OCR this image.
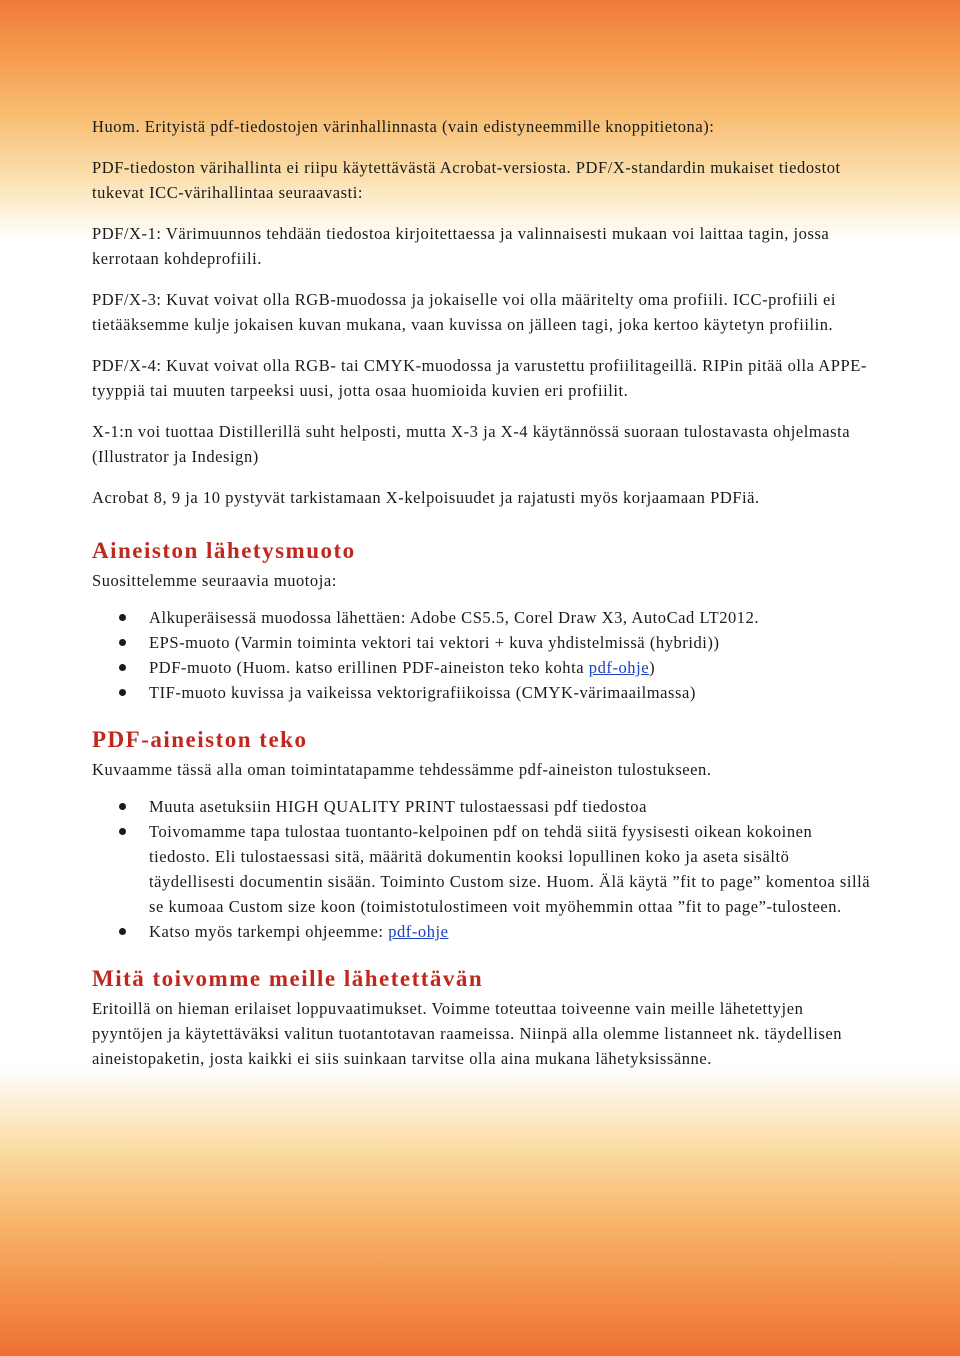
Huom. Erityistä pdf-tiedostojen värinhallinnasta (vain edistyneemmille knoppitietona):

PDF-tiedoston värihallinta ei riipu käytettävästä Acrobat-versiosta. PDF/X-standardin mukaiset tiedostot tukevat ICC-värihallintaa seuraavasti:

PDF/X-1: Värimuunnos tehdään tiedostoa kirjoitettaessa ja valinnaisesti mukaan voi laittaa tagin, jossa kerrotaan kohdeprofiili.

PDF/X-3: Kuvat voivat olla RGB-muodossa ja jokaiselle voi olla määritelty oma profiili. ICC-profiili ei tietääksemme kulje jokaisen kuvan mukana, vaan kuvissa on jälleen tagi, joka kertoo käytetyn profiilin.

PDF/X-4: Kuvat voivat olla RGB- tai CMYK-muodossa ja varustettu profiilitageillä. RIPin pitää olla APPE-tyyppiä tai muuten tarpeeksi uusi, jotta osaa huomioida kuvien eri profiilit.

X-1:n voi tuottaa Distillerillä suht helposti, mutta X-3 ja X-4 käytännössä suoraan tulostavasta ohjelmasta (Illustrator ja Indesign)

Acrobat 8, 9 ja 10 pystyvät tarkistamaan X-kelpoisuudet ja rajatusti myös korjaamaan PDFiä.

Aineiston lähetysmuoto
Suosittelemme seuraavia muotoja:
Alkuperäisessä muodossa lähettäen: Adobe CS5.5, Corel Draw X3, AutoCad LT2012.
EPS-muoto (Varmin toiminta vektori tai vektori + kuva yhdistelmissä (hybridi))
PDF-muoto (Huom. katso erillinen PDF-aineiston teko kohta pdf-ohje)
TIF-muoto kuvissa ja vaikeissa vektorigrafiikoissa (CMYK-värimaailmassa)
PDF-aineiston teko
Kuvaamme tässä alla oman toimintatapamme tehdessämme pdf-aineiston tulostukseen.
Muuta asetuksiin HIGH QUALITY PRINT tulostaessasi pdf tiedostoa
Toivomamme tapa tulostaa tuontanto-kelpoinen pdf on tehdä siitä fyysisesti oikean kokoinen tiedosto. Eli tulostaessasi sitä, määritä dokumentin kooksi lopullinen koko ja aseta sisältö täydellisesti documentin sisään. Toiminto Custom size. Huom. Älä käytä ”fit to page” komentoa sillä se kumoaa Custom size koon (toimistotulostimeen voit myöhemmin ottaa ”fit to page”-tulosteen.
Katso myös tarkempi ohjeemme: pdf-ohje
Mitä toivomme meille lähetettävän
Eritoillä on hieman erilaiset loppuvaatimukset. Voimme toteuttaa toiveenne vain meille lähetettyjen pyyntöjen ja käytettäväksi valitun tuotantotavan raameissa. Niinpä alla olemme listanneet nk. täydellisen aineistopaketin, josta kaikki ei siis suinkaan tarvitse olla aina mukana lähetyksissänne.
